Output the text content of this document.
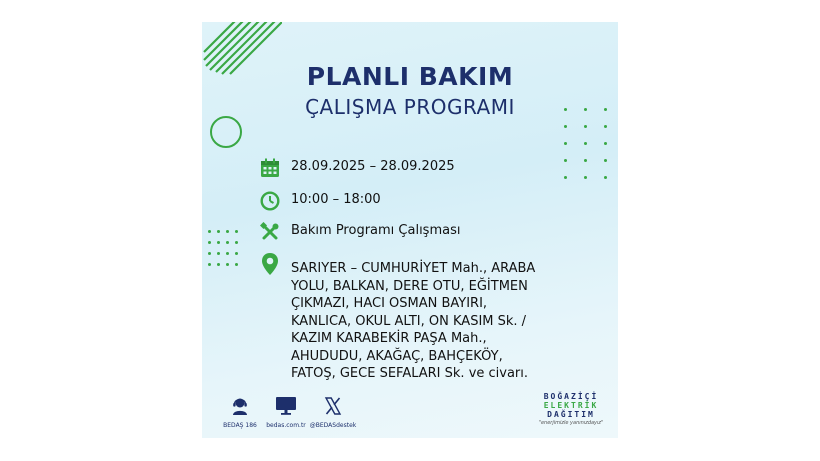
PLANLI BAKIM
ÇALIŞMA PROGRAMI
28.09.2025 – 28.09.2025
10:00 – 18:00
Bakım Programı Çalışması
SARIYER – CUMHURİYET Mah., ARABA YOLU, BALKAN, DERE OTU, EĞİTMEN ÇIKMAZI, HACI OSMAN BAYIRI, KANLICA, OKUL ALTI, ON KASIM Sk. / KAZIM KARABEKİR PAŞA Mah., AHUDUDU, AKAĞAÇ, BAHÇEKÖY, FATOŞ, GECE SEFALARI Sk. ve civarı.
BEDAŞ 186	bedas.com.tr @BEDASdestek
BOĞAZİÇİ
ELEKTRİK
DAĞITIM
"enerjimizle yanınızdayız"
